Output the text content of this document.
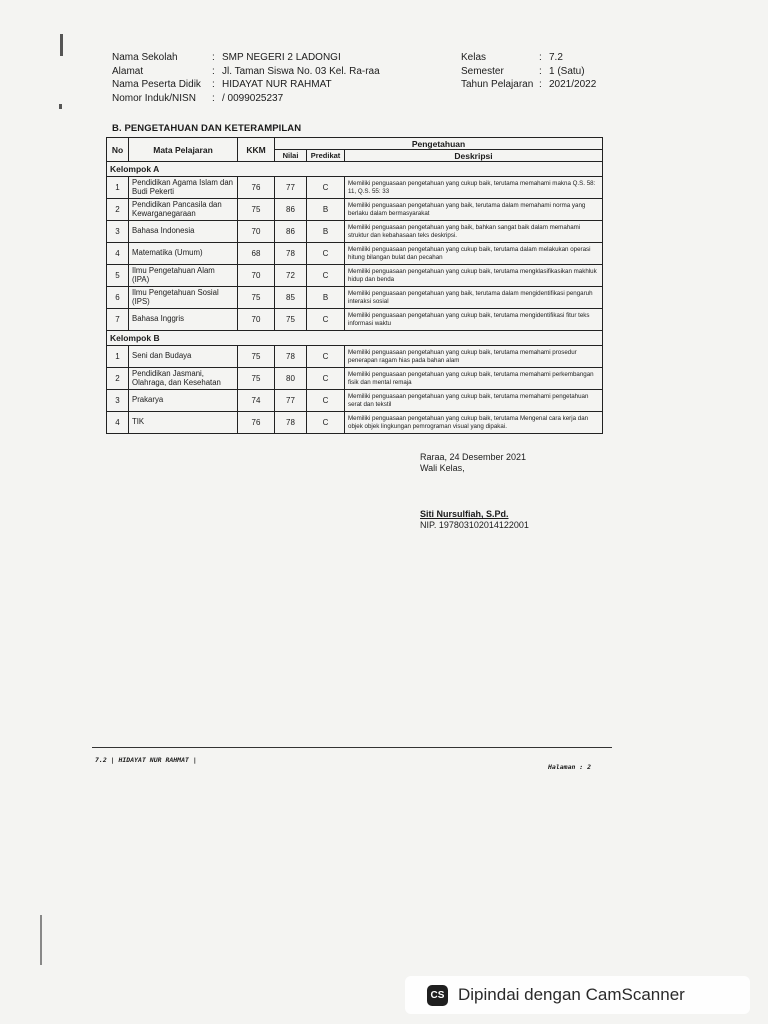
Nama Sekolah	: SMP NEGERI 2 LADONGI
Alamat	: Jl. Taman Siswa No. 03 Kel. Ra-raa
Nama Peserta Didik	: HIDAYAT NUR RAHMAT
Nomor Induk/NISN	: / 0099025237
Kelas	: 7.2
Semester	: 1 (Satu)
Tahun Pelajaran : 2021/2022
B. PENGETAHUAN DAN KETERAMPILAN
No	Mata Pelajaran	KKM	Pengetahuan		
			Nilai	Predikat	Deskripsi
Kelompok A					
1	Pendidikan Agama Islam dan Budi Pekerti	76	77	C	Memiliki penguasaan pengetahuan yang cukup baik, terutama memahami makna Q.S. 58: 11, Q.S. 55: 33
2	Pendidikan Pancasila dan Kewarganegaraan	75	86	B	Memiliki penguasaan pengetahuan yang baik, terutama dalam memahami norma yang berlaku dalam bermasyarakat
3	Bahasa Indonesia	70	86	B	Memiliki penguasaan pengetahuan yang baik, bahkan sangat baik dalam memahami struktur dan kebahasaan teks deskripsi.
4	Matematika (Umum)	68	78	C	Memiliki penguasaan pengetahuan yang cukup baik, terutama dalam melakukan operasi hitung bilangan bulat dan pecahan
5	Ilmu Pengetahuan Alam (IPA)	70	72	C	Memiliki penguasaan pengetahuan yang cukup baik, terutama mengklasifikasikan makhluk hidup dan benda
6	Ilmu Pengetahuan Sosial (IPS)	75	85	B	Memiliki penguasaan pengetahuan yang baik, terutama dalam mengidentifikasi pengaruh interaksi sosial
7	Bahasa Inggris	70	75	C	Memiliki penguasaan pengetahuan yang cukup baik, terutama mengidentifikasi fitur teks informasi waktu
Kelompok B					
1	Seni dan Budaya	75	78	C	Memiliki penguasaan pengetahuan yang cukup baik, terutama memahami prosedur penerapan ragam hias pada bahan alam
2	Pendidikan Jasmani, Olahraga, dan Kesehatan	75	80	C	Memiliki penguasaan pengetahuan yang cukup baik, terutama memahami perkembangan fisik dan mental remaja
3	Prakarya	74	77	C	Memiliki penguasaan pengetahuan yang cukup baik, terutama memahami pengetahuan serat dan tekstil
4	TIK	76	78	C	Memiliki penguasaan pengetahuan yang cukup baik, terutama Mengenal cara kerja dan objek objek lingkungan pemrograman visual yang dipakai.
Raraa, 24 Desember 2021
Wali Kelas,
Siti Nursulfiah, S.Pd.
NIP. 197803102014122001
7.2 | HIDAYAT NUR RAHMAT |
Halaman : 2
CS Dipindai dengan CamScanner
